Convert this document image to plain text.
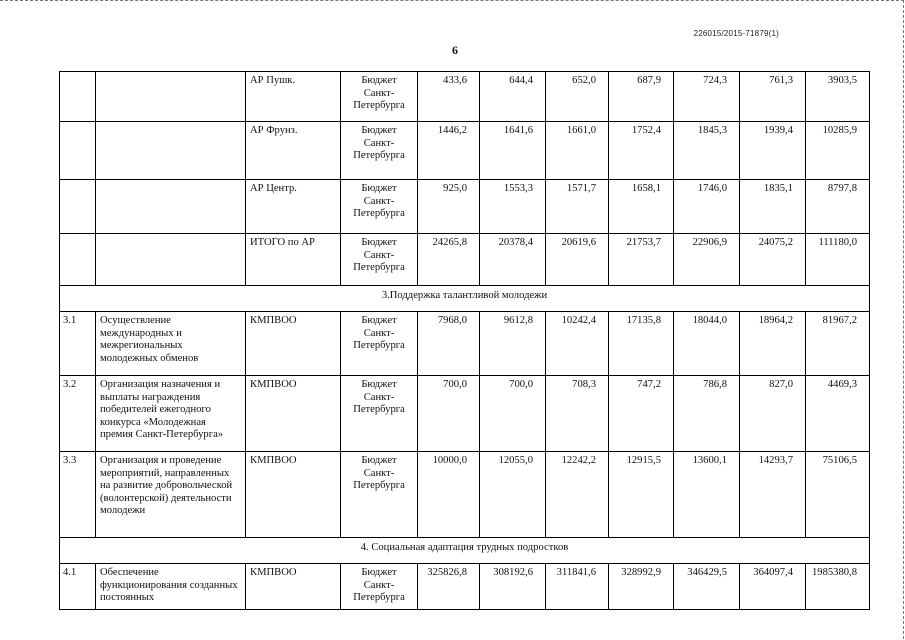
226015/2015-71879(1)
6
		АР Пушк.	Бюджет Санкт-Петербурга	433,6	644,4	652,0	687,9	724,3	761,3	3903,5
		АР Фрунз.	Бюджет Санкт-Петербурга	1446,2	1641,6	1661,0	1752,4	1845,3	1939,4	10285,9
		АР Центр.	Бюджет Санкт-Петербурга	925,0	1553,3	1571,7	1658,1	1746,0	1835,1	8797,8
		ИТОГО по АР	Бюджет Санкт-Петербурга	24265,8	20378,4	20619,6	21753,7	22906,9	24075,2	111180,0
3.Поддержка талантливой молодежи										
3.1	Осуществление международных и межрегиональных молодежных обменов	КМПВОО	Бюджет Санкт-Петербурга	7968,0	9612,8	10242,4	17135,8	18044,0	18964,2	81967,2
3.2	Организация назначения и выплаты награждения победителей ежегодного конкурса «Молодежная премия Санкт-Петербурга»	КМПВОО	Бюджет Санкт-Петербурга	700,0	700,0	708,3	747,2	786,8	827,0	4469,3
3.3	Организация и проведение мероприятий, направленных на развитие добровольческой (волонтерской) деятельности молодежи	КМПВОО	Бюджет Санкт-Петербурга	10000,0	12055,0	12242,2	12915,5	13600,1	14293,7	75106,5
4. Социальная адаптация трудных подростков										
4.1	Обеспечение функционирования созданных постоянных	КМПВОО	Бюджет Санкт-Петербурга	325826,8	308192,6	311841,6	328992,9	346429,5	364097,4	1985380,8
